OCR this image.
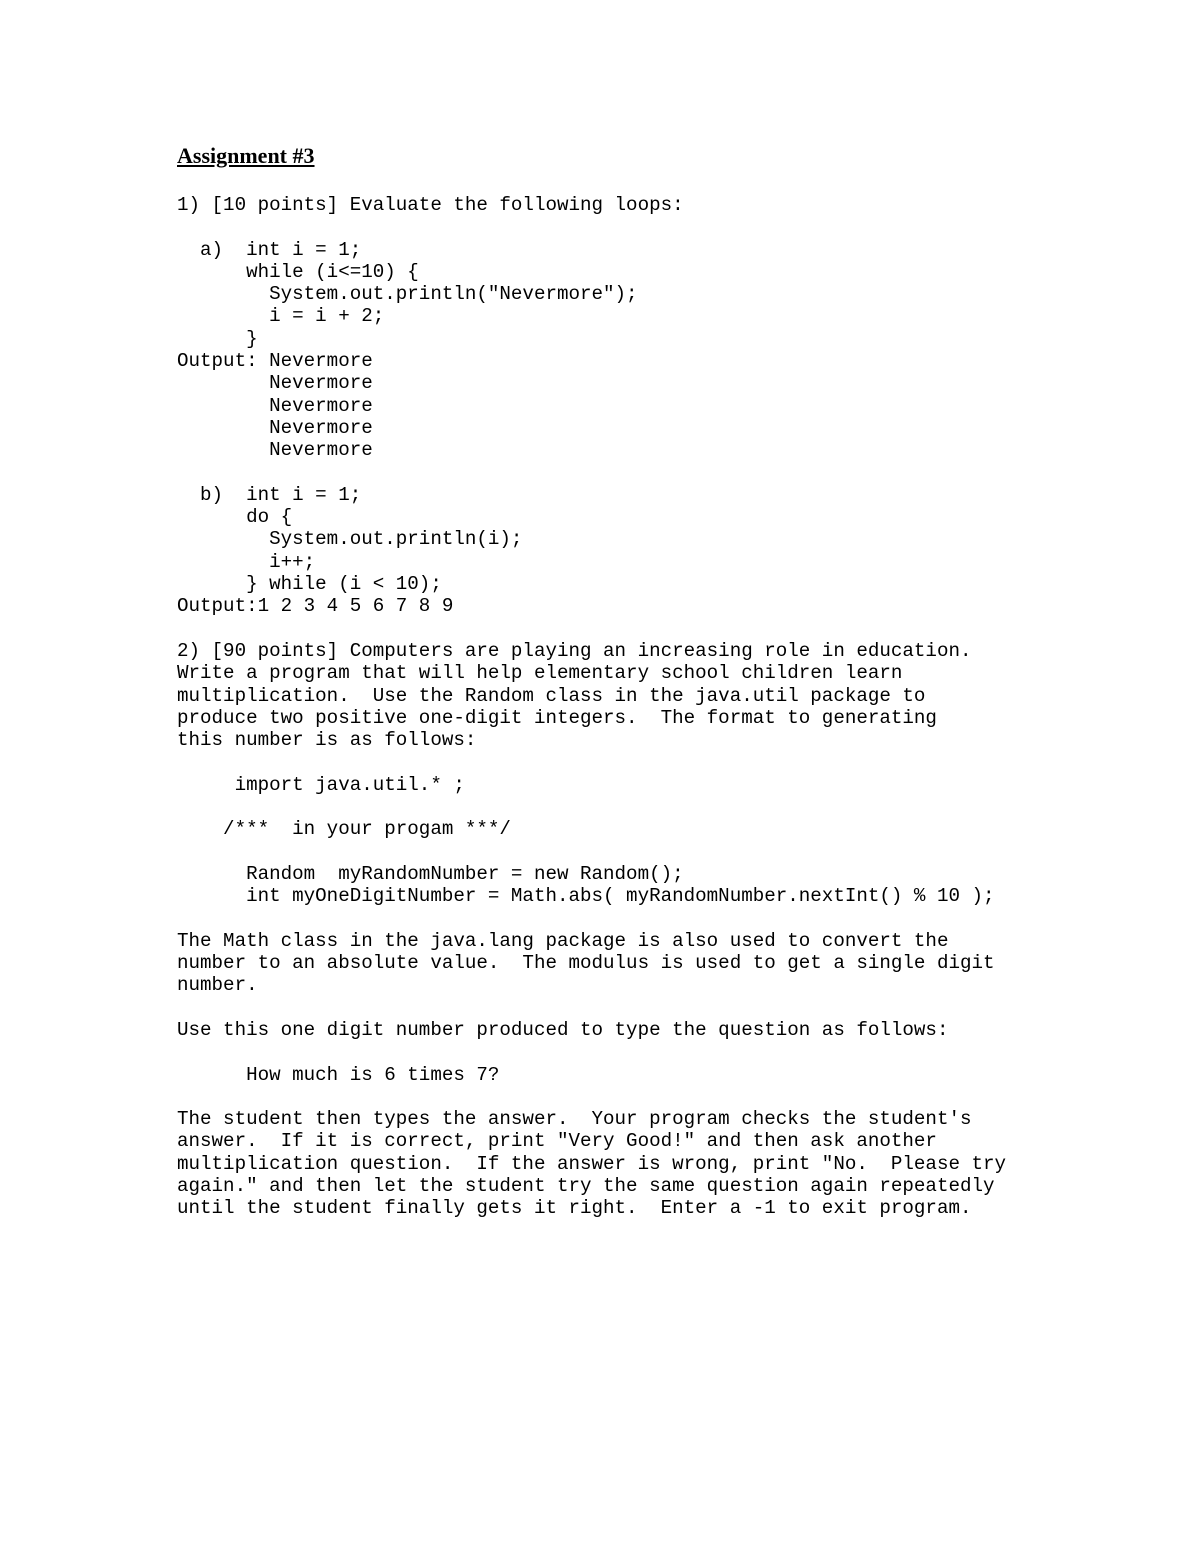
Assignment #3
1) [10 points] Evaluate the following loops:
a)  int i = 1;
while (i<=10) {
System.out.println("Nevermore");
i = i + 2;
}
Output: Nevermore
Nevermore
Nevermore
Nevermore
Nevermore
b)  int i = 1;
do {
System.out.println(i);
i++;
} while (i < 10);
Output:1 2 3 4 5 6 7 8 9
2) [90 points] Computers are playing an increasing role in education.
Write a program that will help elementary school children learn
multiplication.  Use the Random class in the java.util package to
produce two positive one-digit integers.  The format to generating
this number is as follows:
import java.util.* ;
/***  in your progam ***/
Random  myRandomNumber = new Random();
int myOneDigitNumber = Math.abs( myRandomNumber.nextInt() % 10 );
The Math class in the java.lang package is also used to convert the
number to an absolute value.  The modulus is used to get a single digit
number.
Use this one digit number produced to type the question as follows:
How much is 6 times 7?
The student then types the answer.  Your program checks the student's
answer.  If it is correct, print "Very Good!" and then ask another
multiplication question.  If the answer is wrong, print "No.  Please try
again." and then let the student try the same question again repeatedly
until the student finally gets it right.  Enter a -1 to exit program.
